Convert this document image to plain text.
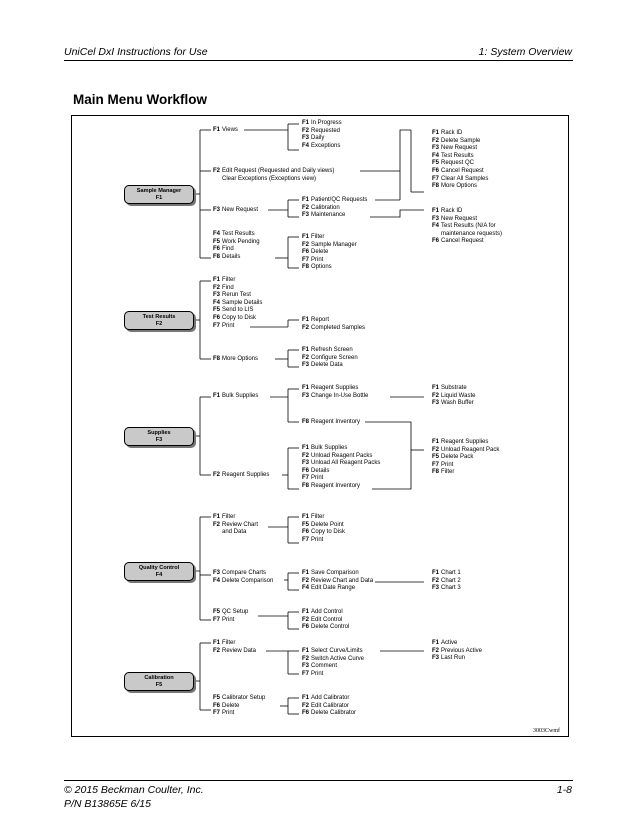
UniCel DxI Instructions for Use	1: System Overview
Main Menu Workflow
Sample Manager
F1
Test Results
F2
Supplies
F3
Quality Control
F4
Calibration
F5
F1 Views
F1 In Progress
F2 Requested
F3 Daily
F4 Exceptions
F1 Rack ID
F2 Delete Sample
F3 New Request
F4 Test Results
F5 Request QC
F6 Cancel Request
F7 Clear All Samples
F8 More Options
F2 Edit Request (Requested and Daily views)
Clear Exceptions (Exceptions view)
F1 Patient/QC Requests
F2 Calibration
F3 Maintenance
F3 New Request	F1 Rack ID
F3 New Request
F4 Test Results (N/A for
maintenance requests)
F6 Cancel Request
F4 Test Results
F5 Work Pending
F6 Find
F8 Details
F1 Filter
F2 Sample Manager
F6 Delete
F7 Print
F8 Options
F1 Filter
F2 Find
F3 Rerun Test
F4 Sample Details
F5 Send to LIS
F6 Copy to Disk
F7 Print
F1 Report
F2 Completed Samples
F8 More Options
F1 Refresh Screen
F2 Configure Screen
F3 Delete Data
F1 Bulk Supplies
F1 Reagent Supplies
F3 Change In-Use Bottle
F1 Substrate
F2 Liquid Waste
F3 Wash Buffer
F8 Reagent Inventory
F1 Reagent Supplies
F2 Unload Reagent Pack
F5 Delete Pack
F7 Print
F8 Filter
F1 Bulk Supplies
F2 Unload Reagent Packs
F3 Unload All Reagent Packs
F6 Details
F7 Print
F8 Reagent Inventory
F2 Reagent Supplies
F1 Filter
F2 Review Chart
and Data
F1 Filter
F5 Delete Point
F6 Copy to Disk
F7 Print
F3 Compare Charts
F4 Delete Comparison
F1 Save Comparison
F2 Review Chart and Data
F4 Edit Date Range
F1 Chart 1
F2 Chart 2
F3 Chart 3
F5 QC Setup
F7 Print
F1 Add Control
F2 Edit Control
F6 Delete Control
F1 Filter
F2 Review Data	F1 Select Curve/Limits
F2 Switch Active Curve
F3 Comment
F7 Print
F1 Active
F2 Previous Active
F3 Last Run
F5 Calibrator Setup
F6 Delete
F7 Print
F1 Add Calibrator
F2 Edit Calibrator
F6 Delete Calibrator
3003Cwmf
© 2015 Beckman Coulter, Inc.	1-8
P/N B13865E 6/15
